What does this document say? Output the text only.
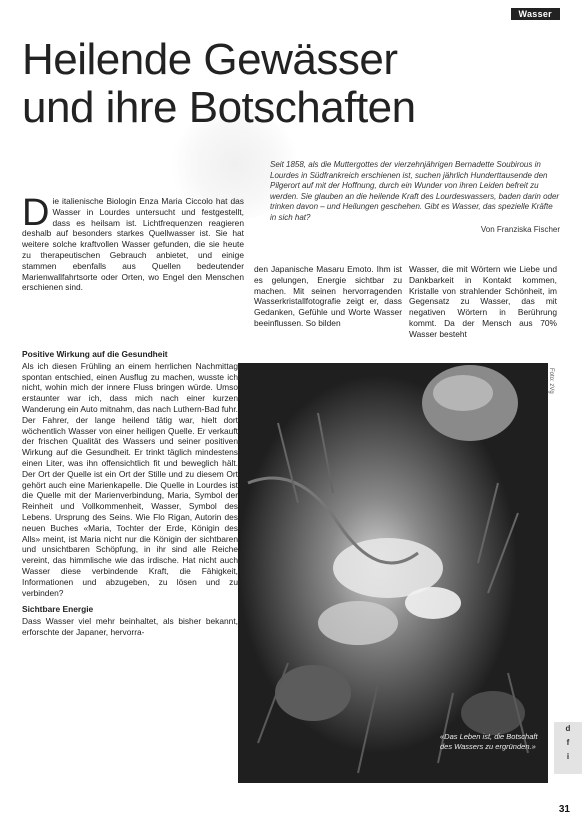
Wasser
Heilende Gewässer
und ihre Botschaften
Seit 1858, als die Muttergottes der vierzehnjährigen Bernadette Soubirous in Lourdes in Südfrankreich erschienen ist, suchen jährlich Hunderttausende den Pilgerort auf mit der Hoffnung, durch ein Wunder von ihren Leiden befreit zu werden. Sie glauben an die heilende Kraft des Lourdeswassers, baden darin oder trinken davon – und Heilungen geschehen. Gibt es Wasser, das spezielle Kräfte in sich hat?
Von Franziska Fischer
D ie italienische Biologin Enza Maria Ciccolo hat das Wasser in Lourdes untersucht und festgestellt, dass es heilsam ist. Lichtfrequenzen reagieren deshalb auf besonders starkes Quellwasser ist. Sie hat weitere solche kraftvollen Wasser gefunden, die sie heute zu therapeutischen Gebrauch anbietet, und einige stammen ebenfalls aus Quellen bedeutender Marienwallfahrtsorte oder Orten, wo Engel den Menschen erschienen sind.

den Japanische Masaru Emoto. Ihm ist es gelungen, Energie sichtbar zu machen. Mit seinen hervorragenden Wasserkristallfotografie zeigt er, dass Gedanken, Gefühle und Worte Wasser beeinflussen. So bilden
Wasser, die mit Wörtern wie Liebe und Dankbarkeit in Kontakt kommen, Kristalle von strahlender Schönheit, im Gegensatz zu Wasser, das mit negativen Wörtern in Berührung kommt. Da der Mensch aus 70% Wasser besteht
Positive Wirkung auf die Gesundheit

Als ich diesen Frühling an einem herrlichen Nachmittag spontan entschied, einen Ausflug zu machen, wusste ich nicht, wohin mich der innere Fluss bringen würde. Umso erstaunter war ich, dass mich nach einer kurzen Wanderung ein Auto mitnahm, das nach Luthern-Bad fuhr. Der Fahrer, der lange heilend tätig war, hielt dort wöchentlich Wasser von einer heiligen Quelle. Er verkauft der frischen Qualität des Wassers und seiner positiven Wirkung auf die Gesundheit. Er trinkt täglich mindestens einen Liter, was ihn offensichtlich fit und beweglich hält. Der Ort der Quelle ist ein Ort der Stille und zu diesem Ort gehört auch eine Marienkapelle. Die Quelle in Lourdes ist die Quelle mit der Marienverbindung, Maria, Symbol der Reinheit und Vollkommenheit, Wasser, Symbol des Lebens. Ursprung des Seins. Wie Flo Rigan, Autorin des neuen Buches «Maria, Tochter der Erde, Königin des Alls» meint, ist Maria nicht nur die Königin der sichtbaren und unsichtbaren Schöpfung, in ihr sind alle Reiche vereint, das himmlische wie das irdische. Hat nicht auch Wasser diese verbindende Kraft, die Fähigkeit, Informationen und abzugeben, zu lösen und zu verbinden?

Sichtbare Energie

Dass Wasser viel mehr beinhaltet, als bisher bekannt, erforschte der Japaner, hervorra-

Foto: zVg
«Das Leben ist, die Botschaft des Wassers zu ergründen.»
d
f
i
31
